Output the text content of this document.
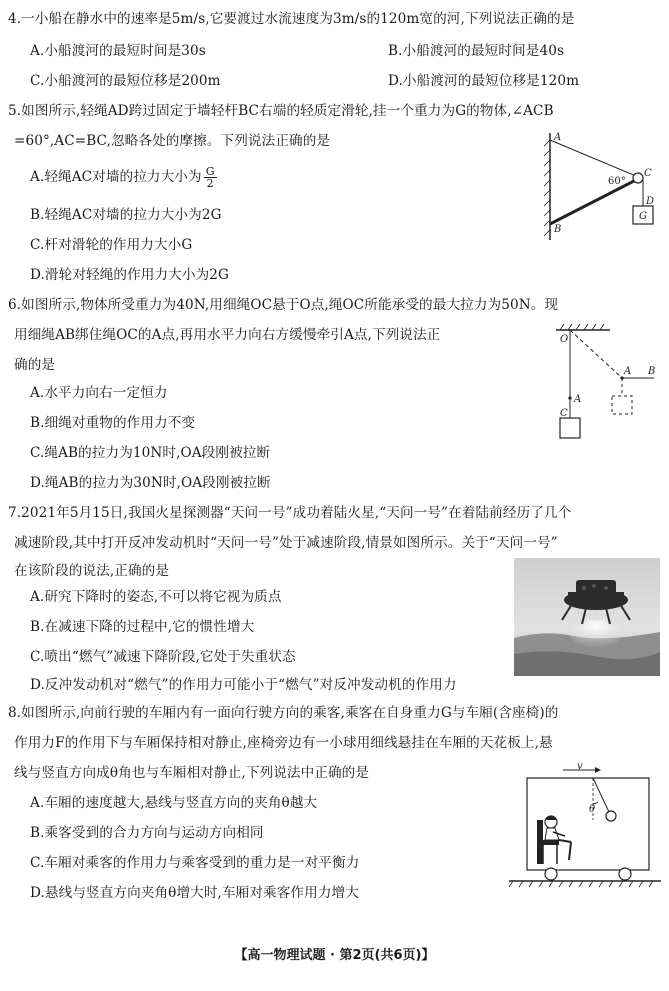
4.一小船在静水中的速率是5m/s,它要渡过水流速度为3m/s的120m宽的河,下列说法正确的是
A.小船渡河的最短时间是30s	B.小船渡河的最短时间是40s
C.小船渡河的最短位移是200m	D.小船渡河的最短位移是120m
5.如图所示,轻绳AD跨过固定于墙轻杆BC右端的轻质定滑轮,挂一个重力为G的物体,∠ACB
=60°,AC=BC,忽略各处的摩擦。下列说法正确的是
A.轻绳AC对墙的拉力大小为 $\frac{G}{2}$
B.轻绳AC对墙的拉力大小为2G
C.杆对滑轮的作用力大小G
D.滑轮对轻绳的作用力大小为2G
A
B
C
D
G
60°
6.如图所示,物体所受重力为40N,用细绳OC悬于O点,绳OC所能承受的最大拉力为50N。现
用细绳AB绑住绳OC的A点,再用水平力向右方缓慢牵引A点,下列说法正
确的是
A.水平力向右一定恒力
B.细绳对重物的作用力不变
C.绳AB的拉力为10N时,OA段刚被拉断
D.绳AB的拉力为30N时,OA段刚被拉断
O
A
C
A B
7.2021年5月15日,我国火星探测器“天问一号”成功着陆火星,“天问一号”在着陆前经历了几个
减速阶段,其中打开反冲发动机时“天问一号”处于减速阶段,情景如图所示。关于“天问一号”
在该阶段的说法,正确的是
A.研究下降时的姿态,不可以将它视为质点
B.在减速下降的过程中,它的惯性增大
C.喷出“燃气”减速下降阶段,它处于失重状态
D.反冲发动机对“燃气”的作用力可能小于“燃气”对反冲发动机的作用力
8.如图所示,向前行驶的车厢内有一面向行驶方向的乘客,乘客在自身重力G与车厢(含座椅)的
作用力F的作用下与车厢保持相对静止,座椅旁边有一小球用细线悬挂在车厢的天花板上,悬
线与竖直方向成θ角也与车厢相对静止,下列说法中正确的是
A.车厢的速度越大,悬线与竖直方向的夹角θ越大
B.乘客受到的合力方向与运动方向相同
C.车厢对乘客的作用力与乘客受到的重力是一对平衡力
D.悬线与竖直方向夹角θ增大时,车厢对乘客作用力增大
v
θ
【高一物理试题 · 第2页(共6页)】
